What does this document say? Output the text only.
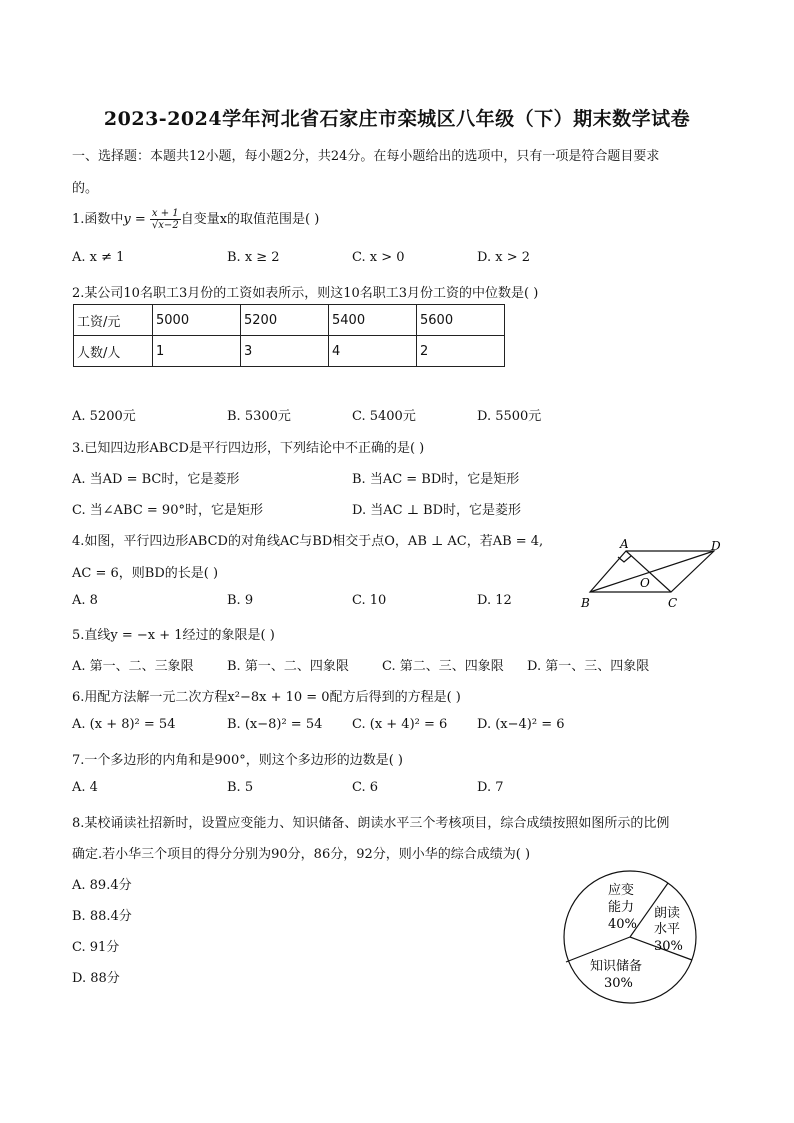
2023-2024学年河北省石家庄市栾城区八年级（下）期末数学试卷
一、选择题：本题共12小题，每小题2分，共24分。在每小题给出的选项中，只有一项是符合题目要求
的。
1.函数中$y = \frac{x + 1}{√x-2}$ 自变量x的取值范围是( )
A. x ≠ 1	B. x ≥ 2	C. x > 0	D. x > 2
2.某公司10名职工3月份的工资如表所示，则这10名职工3月份工资的中位数是( )
工资/元	5000	5200	5400	5600
人数/人	1	3	4	2
A. 5200元	B. 5300元	C. 5400元	D. 5500元
3.已知四边形ABCD是平行四边形，下列结论中不正确的是( )
A. 当AD = BC时，它是菱形	B. 当AC = BD时，它是矩形
C. 当∠ABC = 90°时，它是矩形	D. 当AC ⊥ BD时，它是菱形
4.如图，平行四边形ABCD的对角线AC与BD相交于点O，AB ⊥ AC，若AB = 4,
AC = 6，则BD的长是( )
A. 8	B. 9	C. 10	D. 12
A	D
O
B	C
5.直线y = −x + 1经过的象限是( )
A. 第一、二、三象限	B. 第一、二、四象限	C. 第二、三、四象限 D. 第一、三、四象限
6.用配方法解一元二次方程x²−8x + 10 = 0配方后得到的方程是( )
A. (x + 8)² = 54	B. (x−8)² = 54 C. (x + 4)² = 6 D. (x−4)² = 6
7.一个多边形的内角和是900°，则这个多边形的边数是( )
A. 4	B. 5	C. 6	D. 7
8.某校诵读社招新时，设置应变能力、知识储备、朗读水平三个考核项目，综合成绩按照如图所示的比例
确定.若小华三个项目的得分分别为90分，86分，92分，则小华的综合成绩为( )
A. 89.4分
B. 88.4分
C. 91分
D. 88分
应变
能力
40%
朗读
水平
30%
知识储备
30%
